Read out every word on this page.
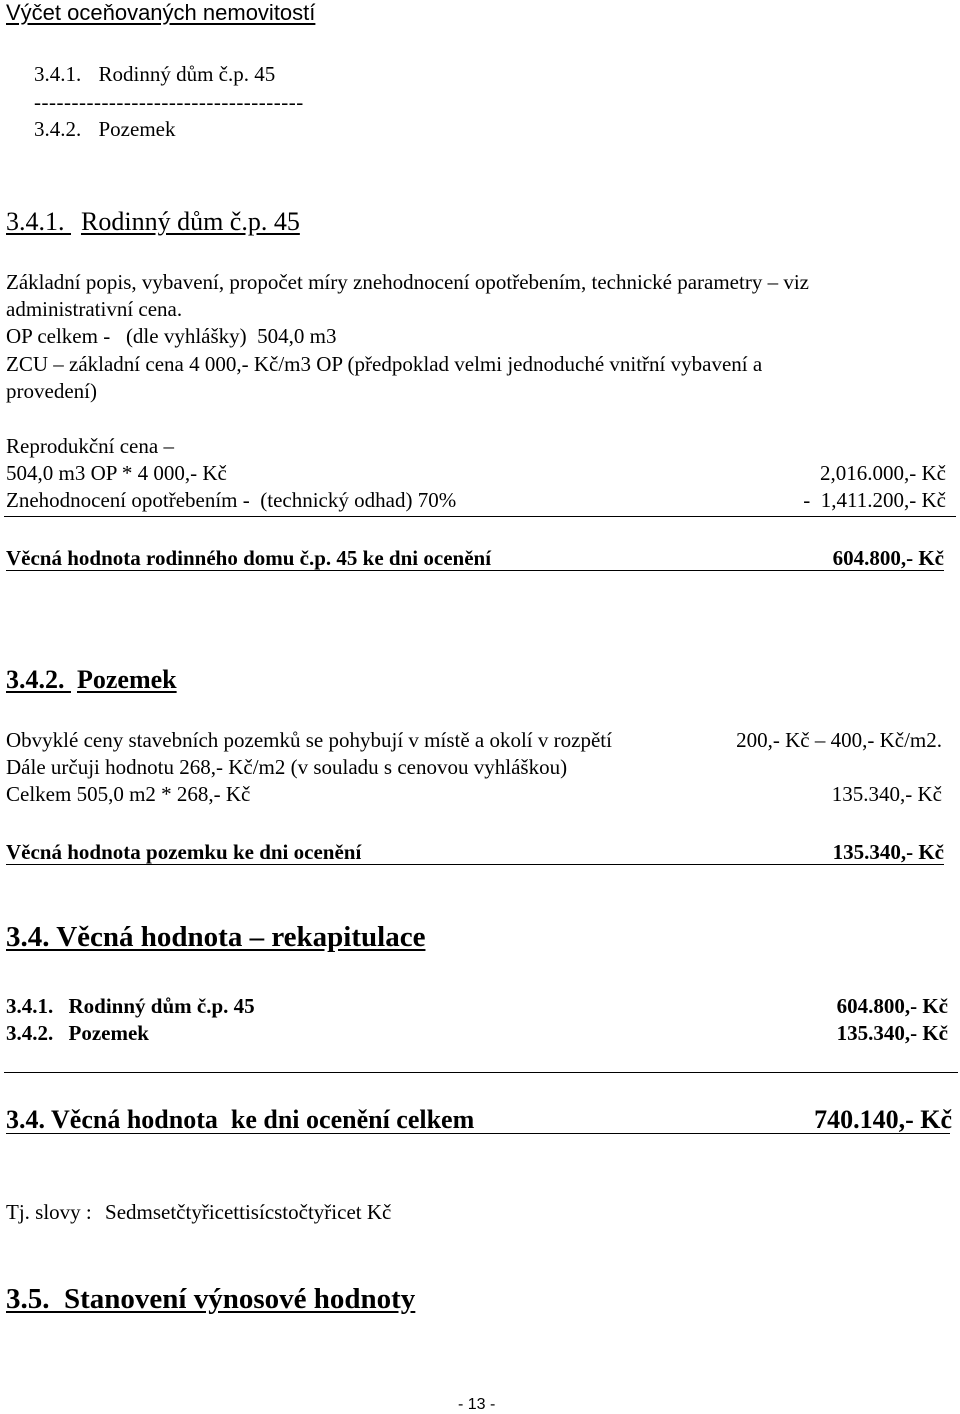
Výčet oceňovaných nemovitostí
3.4.1. Rodinný dům č.p. 45
------------------------------------
3.4.2. Pozemek
3.4.1. Rodinný dům č.p. 45
Základní popis, vybavení, propočet míry znehodnocení opotřebením, technické parametry – viz
administrativní cena.
OP celkem -   (dle vyhlášky)  504,0 m3
ZCU – základní cena 4 000,- Kč/m3 OP (předpoklad velmi jednoduché vnitřní vybavení a
provedení)
Reprodukční cena –
504,0 m3 OP * 4 000,- Kč	2,016.000,- Kč
Znehodnocení opotřebením -  (technický odhad) 70%	-  1,411.200,- Kč
Věcná hodnota rodinného domu č.p. 45 ke dni ocenění	604.800,- Kč
3.4.2. Pozemek
Obvyklé ceny stavebních pozemků se pohybují v místě a okolí v rozpětí	200,- Kč – 400,- Kč/m2.
Dále určuji hodnotu 268,- Kč/m2 (v souladu s cenovou vyhláškou)
Celkem 505,0 m2 * 268,- Kč	135.340,- Kč
Věcná hodnota pozemku ke dni ocenění	135.340,- Kč
3.4. Věcná hodnota – rekapitulace
3.4.1. Rodinný dům č.p. 45	604.800,- Kč
3.4.2. Pozemek	135.340,- Kč
3.4. Věcná hodnota  ke dni ocenění celkem	740.140,- Kč
Tj. slovy : Sedmsetčtyřicettisícstočtyřicet Kč
3.5.  Stanovení výnosové hodnoty
- 13 -
